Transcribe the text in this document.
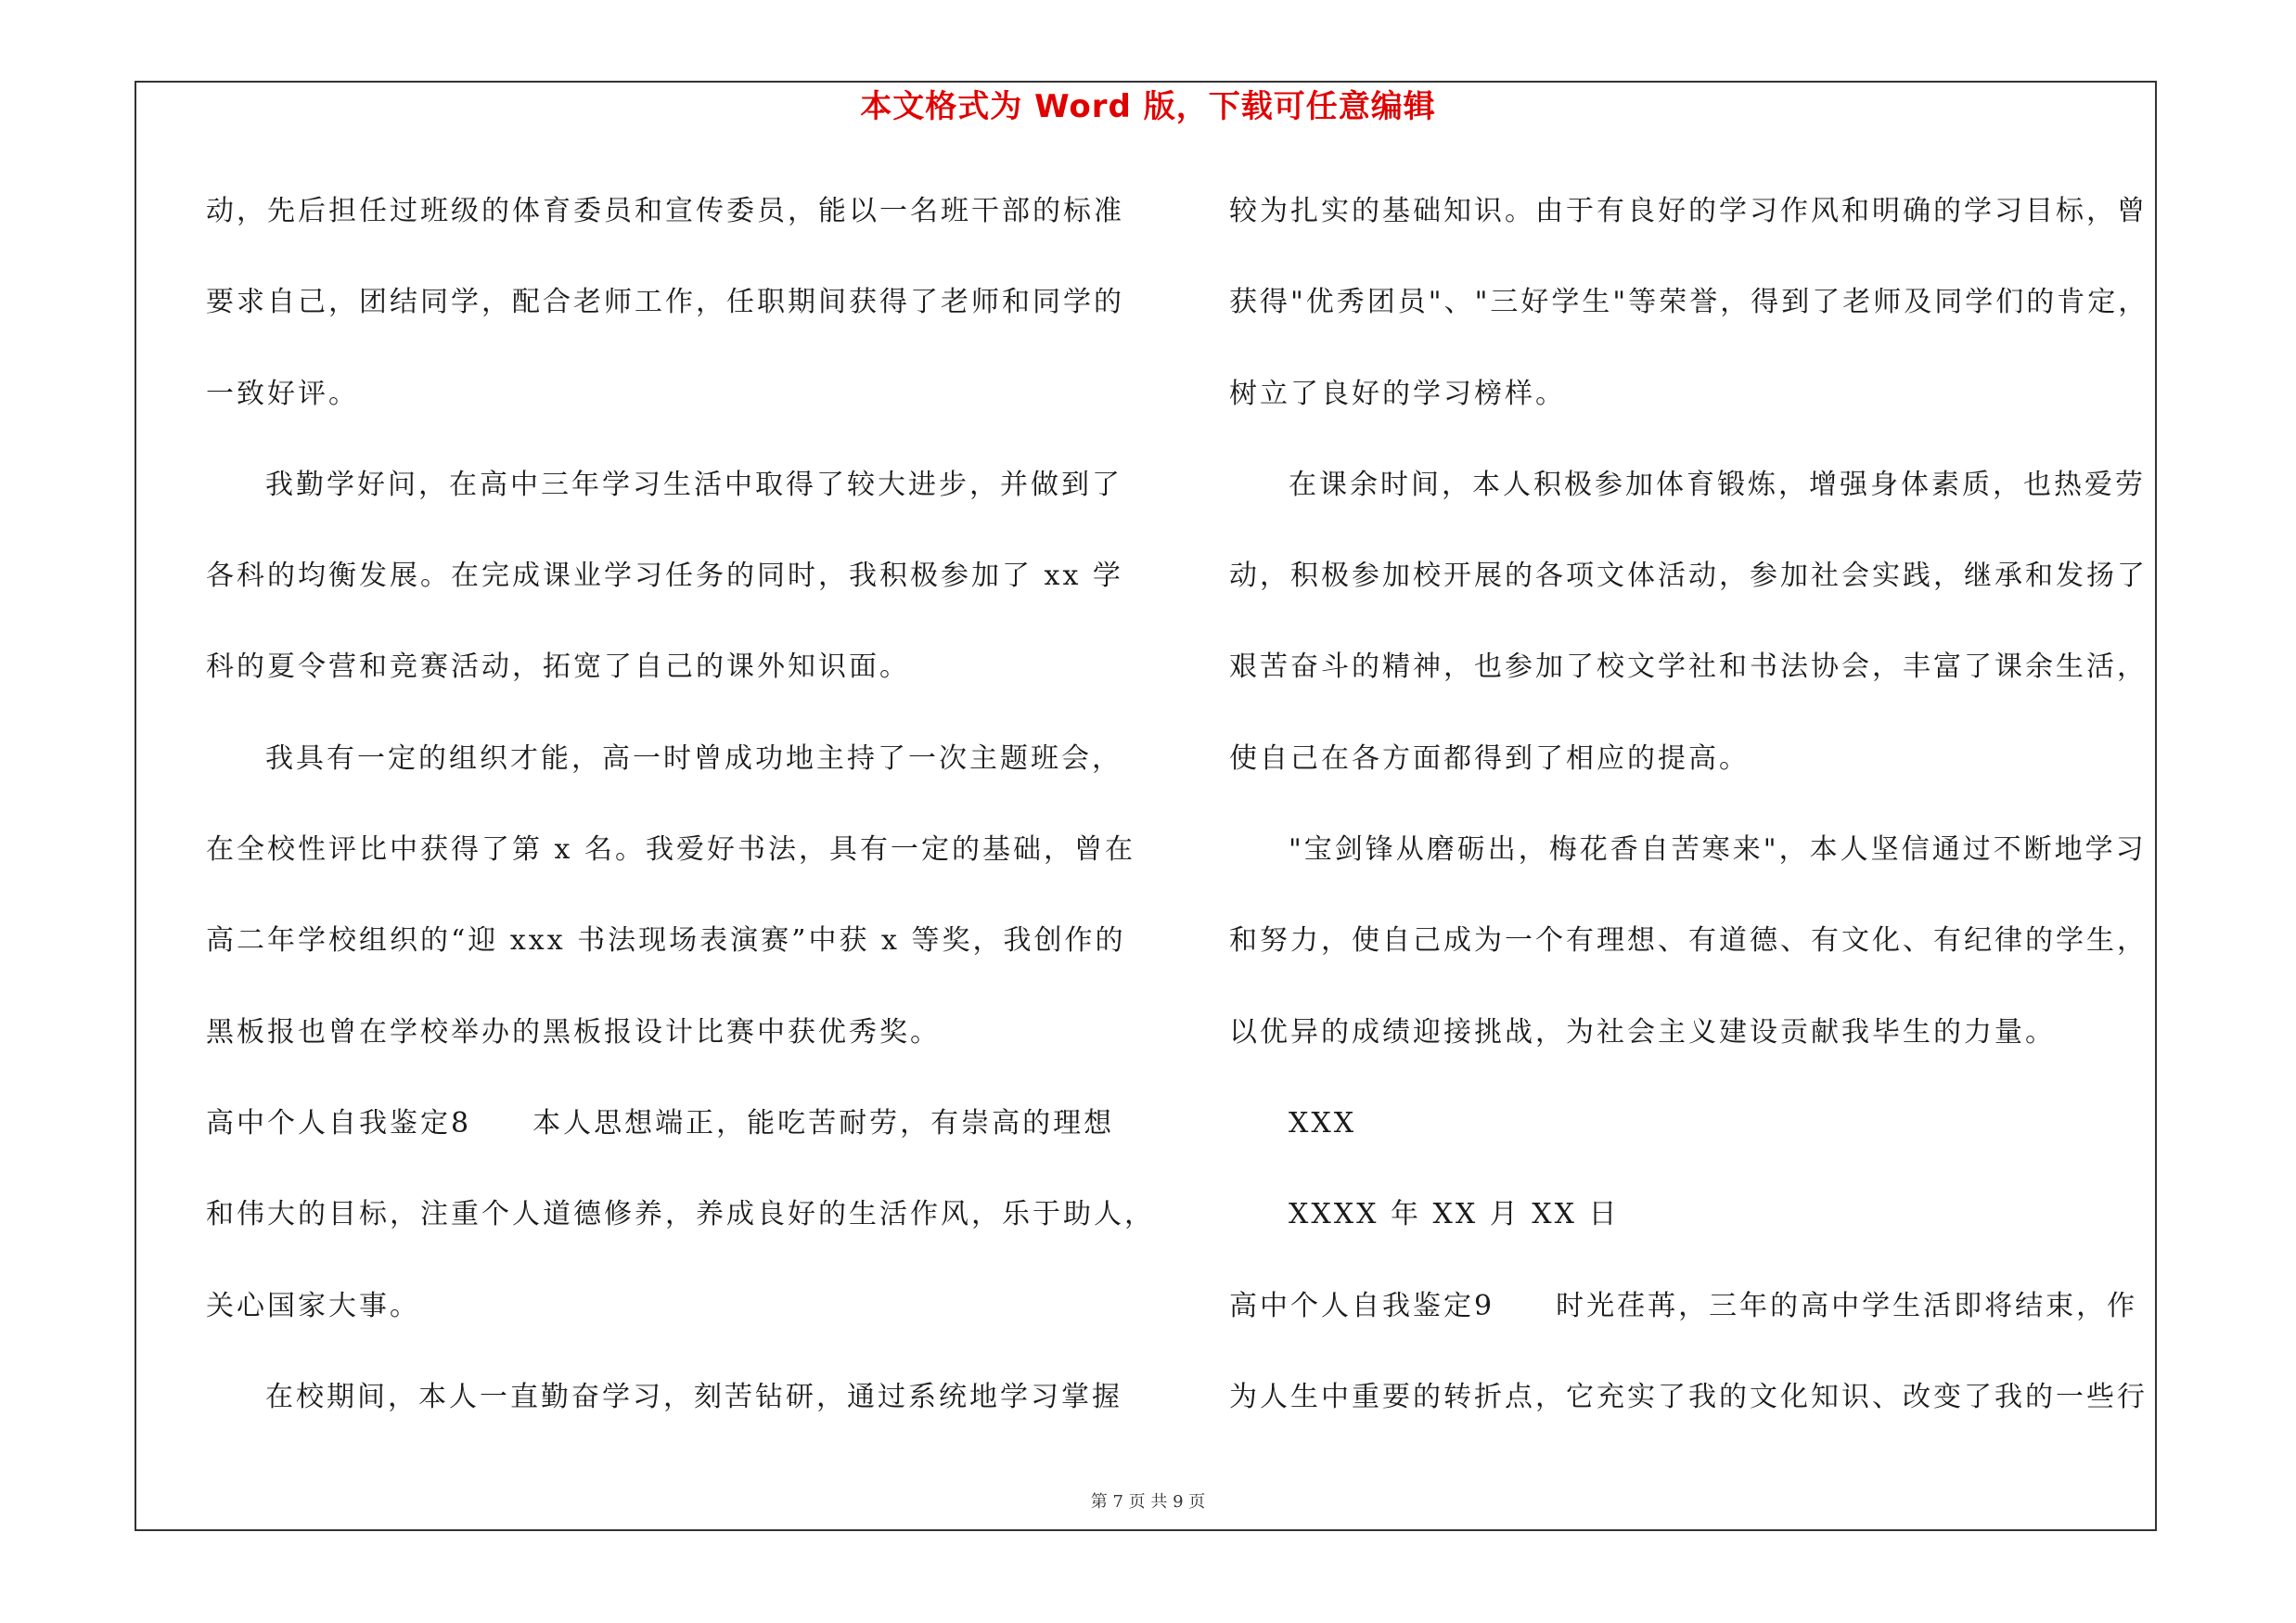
本文格式为 Word 版，下载可任意编辑
动，先后担任过班级的体育委员和宣传委员，能以一名班干部的标准
要求自己，团结同学，配合老师工作，任职期间获得了老师和同学的
一致好评。
我勤学好问，在高中三年学习生活中取得了较大进步，并做到了
各科的均衡发展。在完成课业学习任务的同时，我积极参加了 xx 学
科的夏令营和竞赛活动，拓宽了自己的课外知识面。
我具有一定的组织才能，高一时曾成功地主持了一次主题班会，
在全校性评比中获得了第 x 名。我爱好书法，具有一定的基础，曾在
高二年学校组织的“迎 xxx 书法现场表演赛”中获 x 等奖，我创作的
黑板报也曾在学校举办的黑板报设计比赛中获优秀奖。
高中个人自我鉴定8　　本人思想端正，能吃苦耐劳，有崇高的理想
和伟大的目标，注重个人道德修养，养成良好的生活作风，乐于助人，
关心国家大事。
在校期间，本人一直勤奋学习，刻苦钻研，通过系统地学习掌握
较为扎实的基础知识。由于有良好的学习作风和明确的学习目标，曾
获得"优秀团员"、"三好学生"等荣誉，得到了老师及同学们的肯定，
树立了良好的学习榜样。
在课余时间，本人积极参加体育锻炼，增强身体素质，也热爱劳
动，积极参加校开展的各项文体活动，参加社会实践，继承和发扬了
艰苦奋斗的精神，也参加了校文学社和书法协会，丰富了课余生活，
使自己在各方面都得到了相应的提高。
"宝剑锋从磨砺出，梅花香自苦寒来"，本人坚信通过不断地学习
和努力，使自己成为一个有理想、有道德、有文化、有纪律的学生，
以优异的成绩迎接挑战，为社会主义建设贡献我毕生的力量。
XXX
XXXX 年 XX 月 XX 日
高中个人自我鉴定9　　时光荏苒，三年的高中学生活即将结束，作
为人生中重要的转折点，它充实了我的文化知识、改变了我的一些行
第 7 页 共 9 页
